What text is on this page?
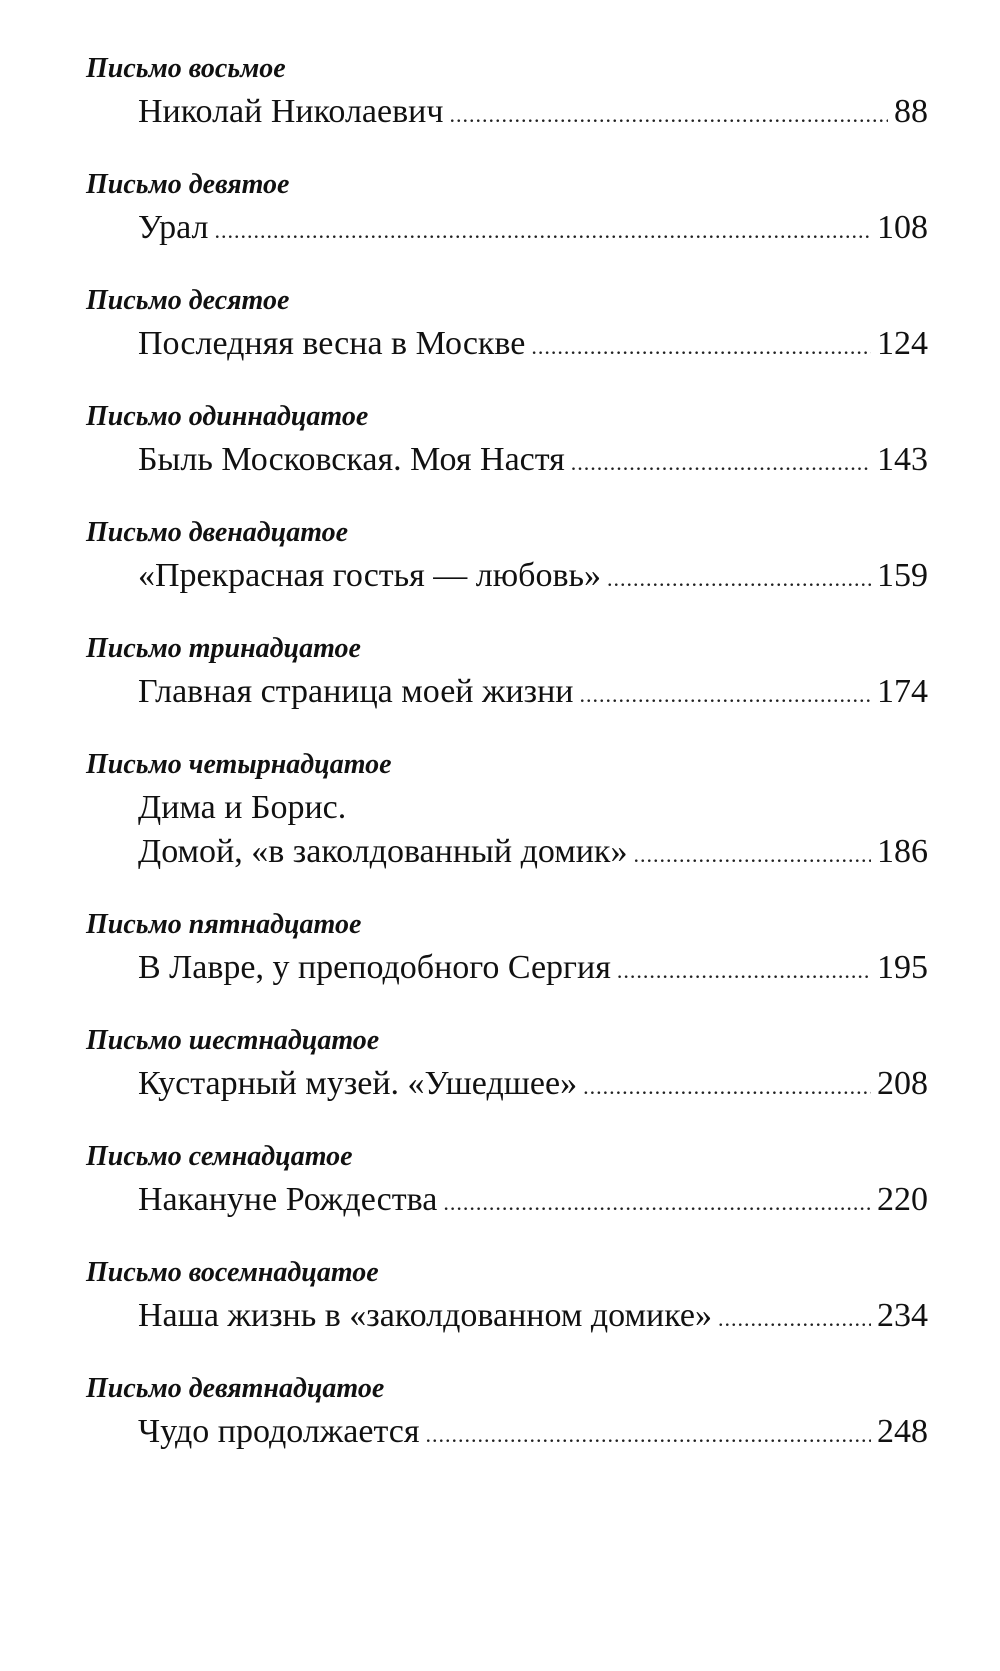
Письмо восьмое
Николай Николаевич .....	88
Письмо девятое
Урал .....	108
Письмо десятое
Последняя весна в Москве .....	124
Письмо одиннадцатое
Быль Московская. Моя Настя .....	143
Письмо двенадцатое
«Прекрасная гостья — любовь» .....	159
Письмо тринадцатое
Главная страница моей жизни .....	174
Письмо четырнадцатое
Дима и Борис.
Домой, «в заколдованный домик» .....	186
Письмо пятнадцатое
В Лавре, у преподобного Сергия .....	195
Письмо шестнадцатое
Кустарный музей. «Ушедшее» .....	208
Письмо семнадцатое
Накануне Рождества .....	220
Письмо восемнадцатое
Наша жизнь в «заколдованном домике» .....	234
Письмо девятнадцатое
Чудо продолжается .....	248
